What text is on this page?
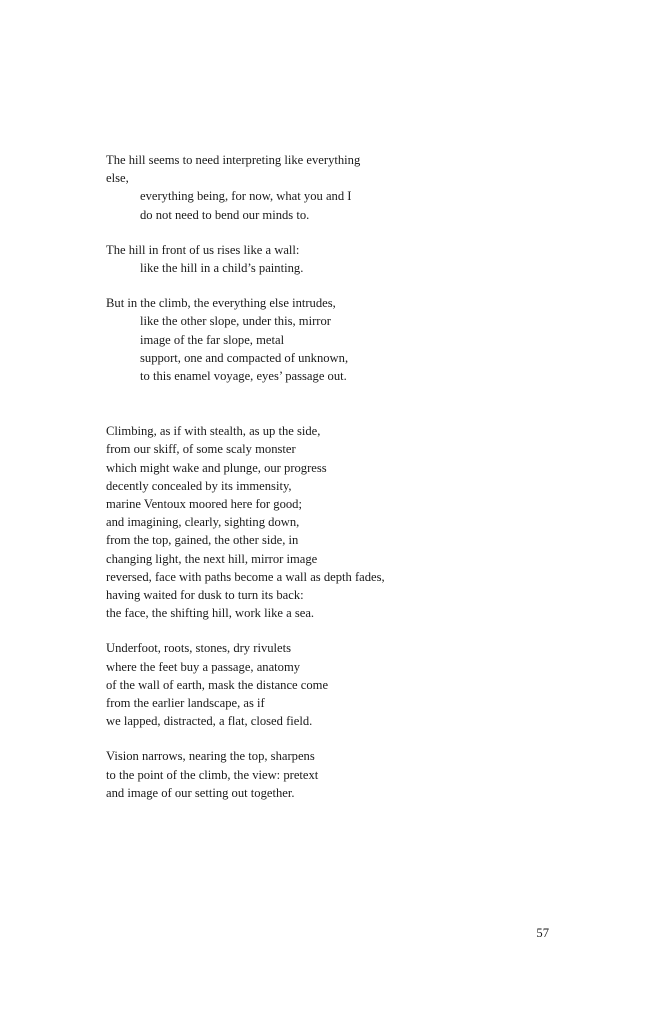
The hill seems to need interpreting like everything
else,
everything being, for now, what you and I
do not need to bend our minds to.
The hill in front of us rises like a wall:
like the hill in a child’s painting.
But in the climb, the everything else intrudes,
like the other slope, under this, mirror
image of the far slope, metal
support, one and compacted of unknown,
to this enamel voyage, eyes’ passage out.
Climbing, as if with stealth, as up the side,
from our skiff, of some scaly monster
which might wake and plunge, our progress
decently concealed by its immensity,
marine Ventoux moored here for good;
and imagining, clearly, sighting down,
from the top, gained, the other side, in
changing light, the next hill, mirror image
reversed, face with paths become a wall as depth fades,
having waited for dusk to turn its back:
the face, the shifting hill, work like a sea.
Underfoot, roots, stones, dry rivulets
where the feet buy a passage, anatomy
of the wall of earth, mask the distance come
from the earlier landscape, as if
we lapped, distracted, a flat, closed field.
Vision narrows, nearing the top, sharpens
to the point of the climb, the view: pretext
and image of our setting out together.
57
